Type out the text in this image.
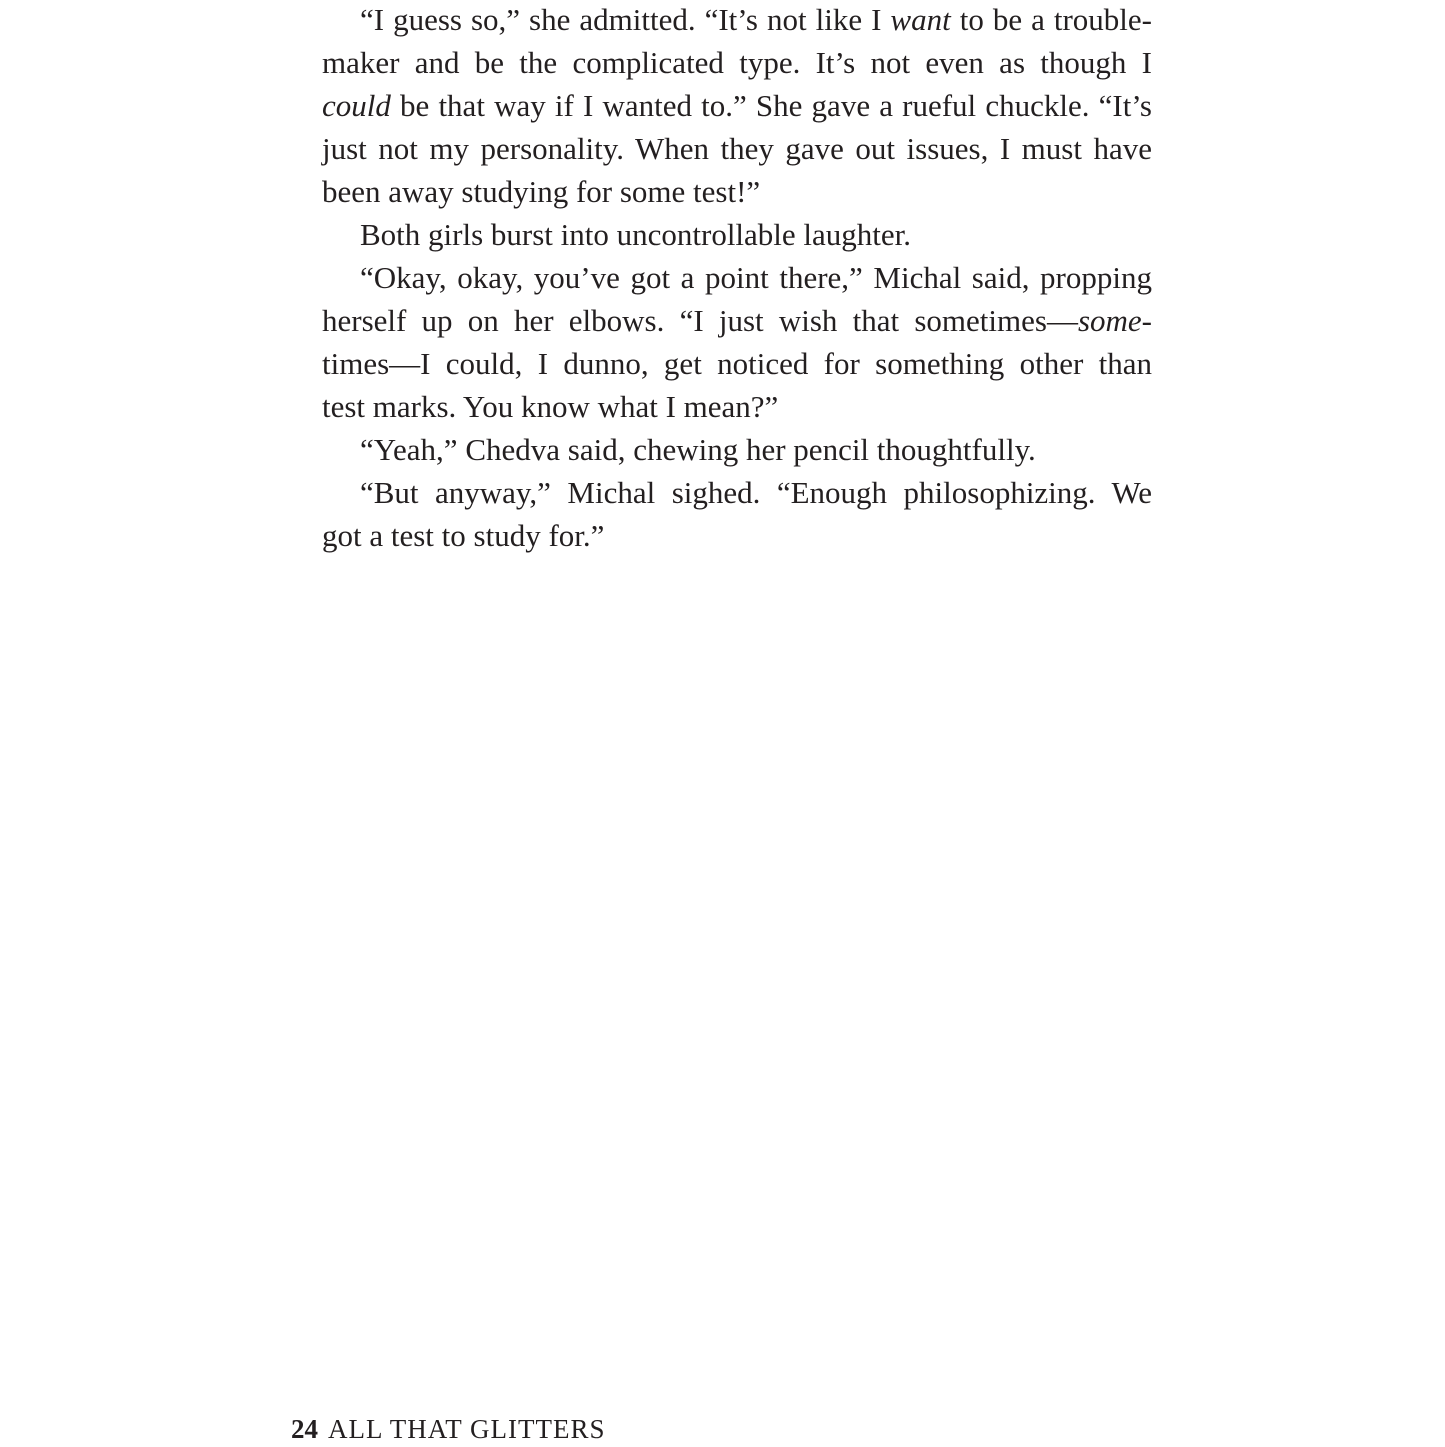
“I guess so,” she admitted. “It’s not like I want to be a trouble-
maker and be the complicated type. It’s not even as though I
could be that way if I wanted to.” She gave a rueful chuckle. “It’s
just not my personality. When they gave out issues, I must have
been away studying for some test!”
Both girls burst into uncontrollable laughter.
“Okay, okay, you’ve got a point there,” Michal said, propping
herself up on her elbows. “I just wish that sometimes—some-
times—I could, I dunno, get noticed for something other than
test marks. You know what I mean?”
“Yeah,” Chedva said, chewing her pencil thoughtfully.
“But anyway,” Michal sighed. “Enough philosophizing. We
got a test to study for.”
24 ALL THAT GLITTERS
